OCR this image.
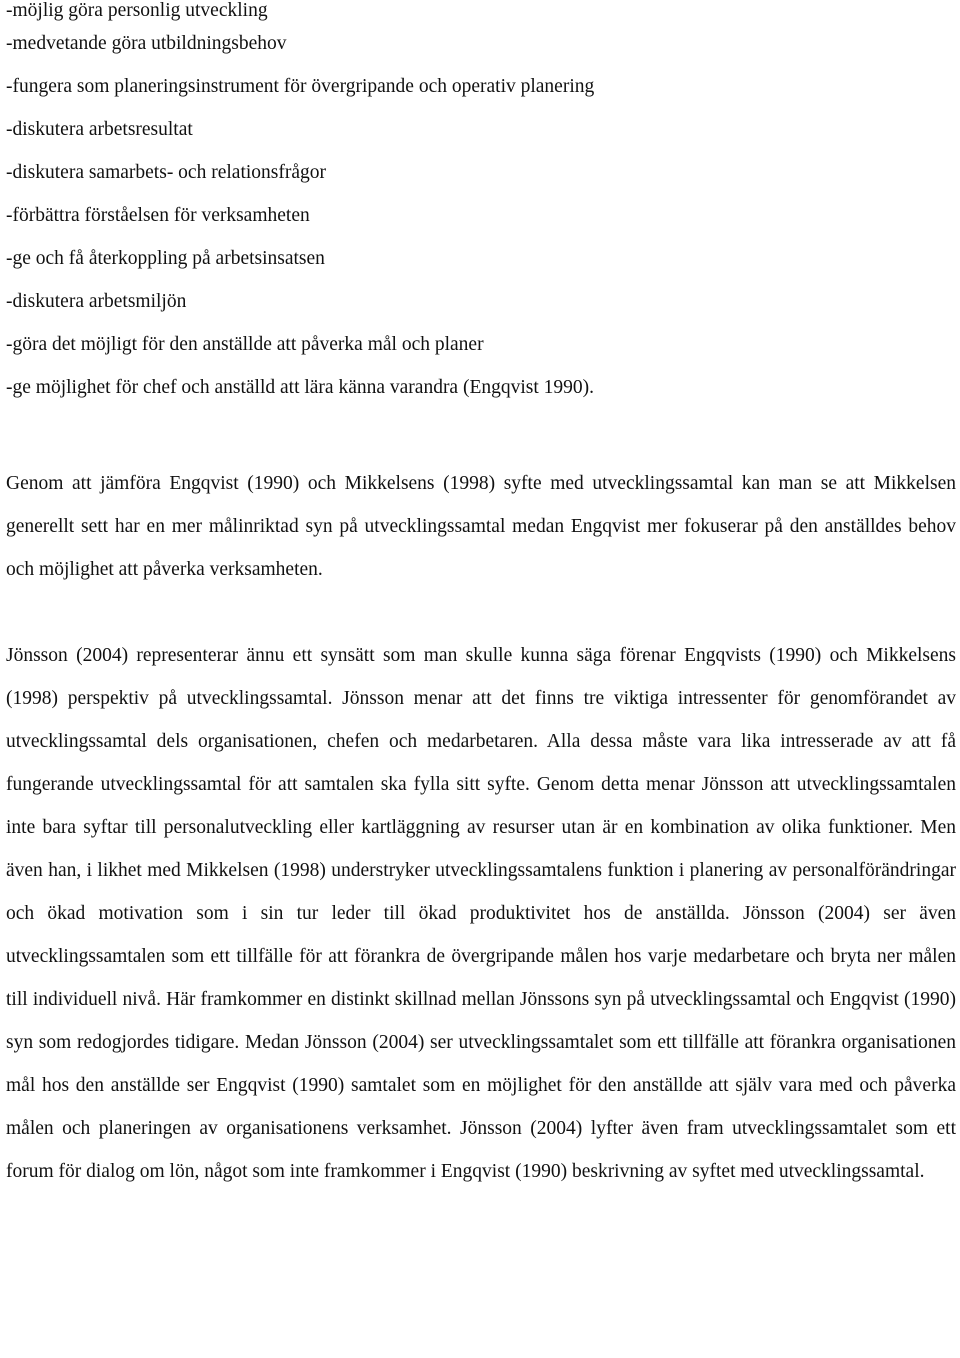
-möjlig göra personlig utveckling
-medvetande göra utbildningsbehov
-fungera som planeringsinstrument för övergripande och operativ planering
-diskutera arbetsresultat
-diskutera samarbets- och relationsfrågor
-förbättra förståelsen för verksamheten
-ge och få återkoppling på arbetsinsatsen
-diskutera arbetsmiljön
-göra det möjligt för den anställde att påverka mål och planer
-ge möjlighet för chef och anställd att lära känna varandra (Engqvist 1990).

Genom att jämföra Engqvist (1990) och Mikkelsens (1998) syfte med utvecklingssamtal kan man se att Mikkelsen generellt sett har en mer målinriktad syn på utvecklingssamtal medan Engqvist mer fokuserar på den anställdes behov och möjlighet att påverka verksamheten.

Jönsson (2004) representerar ännu ett synsätt som man skulle kunna säga förenar Engqvists (1990) och Mikkelsens (1998) perspektiv på utvecklingssamtal. Jönsson menar att det finns tre viktiga intressenter för genomförandet av utvecklingssamtal dels organisationen, chefen och medarbetaren. Alla dessa måste vara lika intresserade av att få fungerande utvecklingssamtal för att samtalen ska fylla sitt syfte. Genom detta menar Jönsson att utvecklingssamtalen inte bara syftar till personalutveckling eller kartläggning av resurser utan är en kombination av olika funktioner. Men även han, i likhet med Mikkelsen (1998) understryker utvecklingssamtalens funktion i planering av personalförändringar och ökad motivation som i sin tur leder till ökad produktivitet hos de anställda. Jönsson (2004) ser även utvecklingssamtalen som ett tillfälle för att förankra de övergripande målen hos varje medarbetare och bryta ner målen till individuell nivå. Här framkommer en distinkt skillnad mellan Jönssons syn på utvecklingssamtal och Engqvist (1990) syn som redogjordes tidigare. Medan Jönsson (2004) ser utvecklingssamtalet som ett tillfälle att förankra organisationen mål hos den anställde ser Engqvist (1990) samtalet som en möjlighet för den anställde att själv vara med och påverka målen och planeringen av organisationens verksamhet. Jönsson (2004) lyfter även fram utvecklingssamtalet som ett forum för dialog om lön, något som inte framkommer i Engqvist (1990) beskrivning av syftet med utvecklingssamtal.
